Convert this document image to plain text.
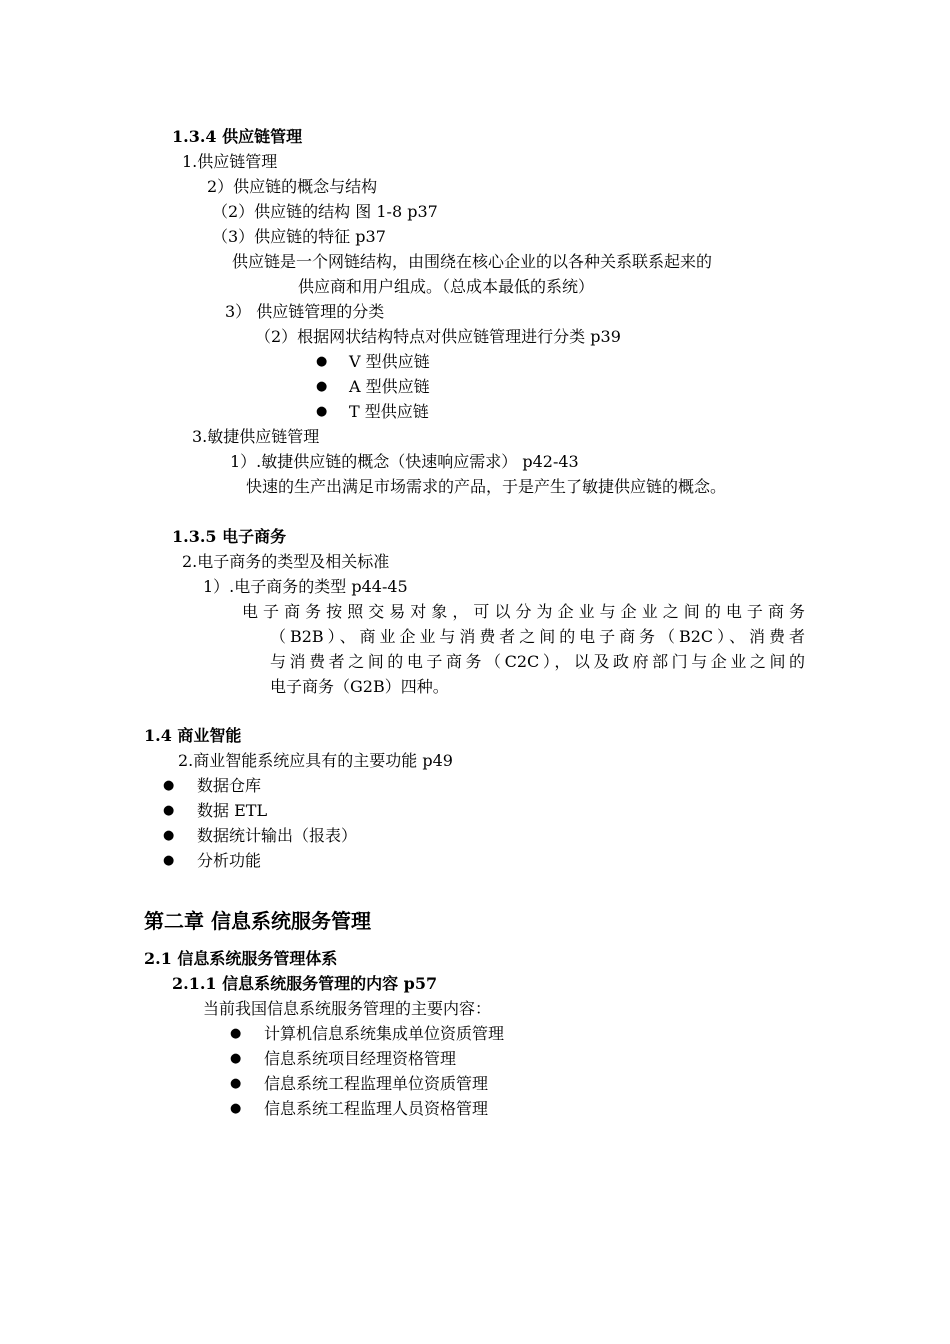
1.3.4 供应链管理
1.供应链管理
2）供应链的概念与结构
（2）供应链的结构 图 1-8 p37
（3）供应链的特征 p37
供应链是一个网链结构，由围绕在核心企业的以各种关系联系起来的
供应商和用户组成。（总成本最低的系统）
3） 供应链管理的分类
（2）根据网状结构特点对供应链管理进行分类 p39
● V 型供应链
● A 型供应链
● T 型供应链
3.敏捷供应链管理
1）.敏捷供应链的概念（快速响应需求） p42-43
快速的生产出满足市场需求的产品，于是产生了敏捷供应链的概念。
1.3.5 电子商务
2.电子商务的类型及相关标准
1）.电子商务的类型 p44-45
电子商务按照交易对象，可以分为企业与企业之间的电子商务
（B2B）、商业企业与消费者之间的电子商务（B2C）、消费者
与消费者之间的电子商务（C2C），以及政府部门与企业之间的
电子商务（G2B）四种。
1.4 商业智能
2.商业智能系统应具有的主要功能 p49
● 数据仓库
● 数据 ETL
● 数据统计输出（报表）
● 分析功能
第二章 信息系统服务管理
2.1 信息系统服务管理体系
2.1.1 信息系统服务管理的内容 p57
当前我国信息系统服务管理的主要内容：
● 计算机信息系统集成单位资质管理
● 信息系统项目经理资格管理
● 信息系统工程监理单位资质管理
● 信息系统工程监理人员资格管理
